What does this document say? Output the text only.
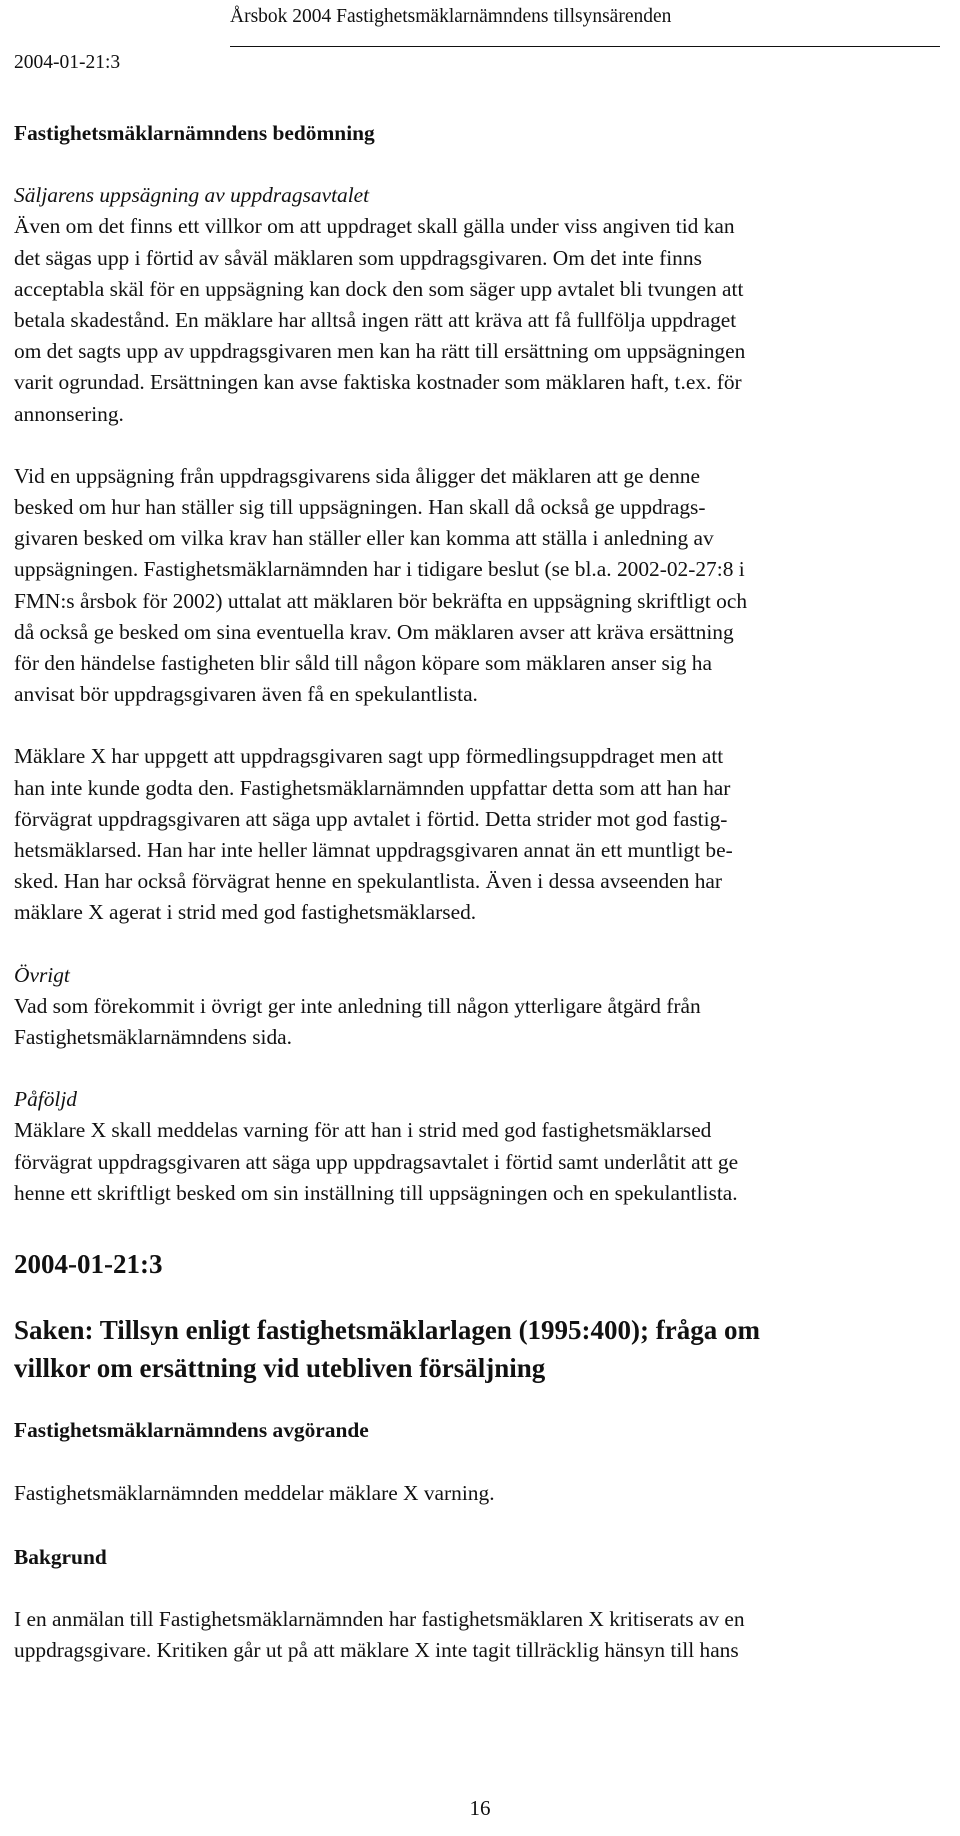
Årsbok 2004 Fastighetsmäklarnämndens tillsynsärenden
2004-01-21:3

Fastighetsmäklarnämndens bedömning

Säljarens uppsägning av uppdragsavtalet

Även om det finns ett villkor om att uppdraget skall gälla under viss angiven tid kan

det sägas upp i förtid av såväl mäklaren som uppdragsgivaren. Om det inte finns

acceptabla skäl för en uppsägning kan dock den som säger upp avtalet bli tvungen att

betala skadestånd. En mäklare har alltså ingen rätt att kräva att få fullfölja uppdraget

om det sagts upp av uppdragsgivaren men kan ha rätt till ersättning om uppsägningen

varit ogrundad. Ersättningen kan avse faktiska kostnader som mäklaren haft, t.ex. för

annonsering.

Vid en uppsägning från uppdragsgivarens sida åligger det mäklaren att ge denne

besked om hur han ställer sig till uppsägningen. Han skall då också ge uppdrags-

givaren besked om vilka krav han ställer eller kan komma att ställa i anledning av

uppsägningen. Fastighetsmäklarnämnden har i tidigare beslut (se bl.a. 2002-02-27:8 i

FMN:s årsbok för 2002) uttalat att mäklaren bör bekräfta en uppsägning skriftligt och

då också ge besked om sina eventuella krav. Om mäklaren avser att kräva ersättning

för den händelse fastigheten blir såld till någon köpare som mäklaren anser sig ha

anvisat bör uppdragsgivaren även få en spekulantlista.

Mäklare X har uppgett att uppdragsgivaren sagt upp förmedlingsuppdraget men att

han inte kunde godta den. Fastighetsmäklarnämnden uppfattar detta som att han har

förvägrat uppdragsgivaren att säga upp avtalet i förtid. Detta strider mot god fastig-

hetsmäklarsed. Han har inte heller lämnat uppdragsgivaren annat än ett muntligt be-

sked. Han har också förvägrat henne en spekulantlista. Även i dessa avseenden har

mäklare X agerat i strid med god fastighetsmäklarsed.

Övrigt

Vad som förekommit i övrigt ger inte anledning till någon ytterligare åtgärd från

Fastighetsmäklarnämndens sida.

Påföljd

Mäklare X skall meddelas varning för att han i strid med god fastighetsmäklarsed

förvägrat uppdragsgivaren att säga upp uppdragsavtalet i förtid samt underlåtit att ge

henne ett skriftligt besked om sin inställning till uppsägningen och en spekulantlista.

2004-01-21:3

Saken: Tillsyn enligt fastighetsmäklarlagen (1995:400); fråga om

villkor om ersättning vid utebliven försäljning

Fastighetsmäklarnämndens avgörande

Fastighetsmäklarnämnden meddelar mäklare X varning.

Bakgrund

I en anmälan till Fastighetsmäklarnämnden har fastighetsmäklaren X kritiserats av en

uppdragsgivare. Kritiken går ut på att mäklare X inte tagit tillräcklig hänsyn till hans

16
